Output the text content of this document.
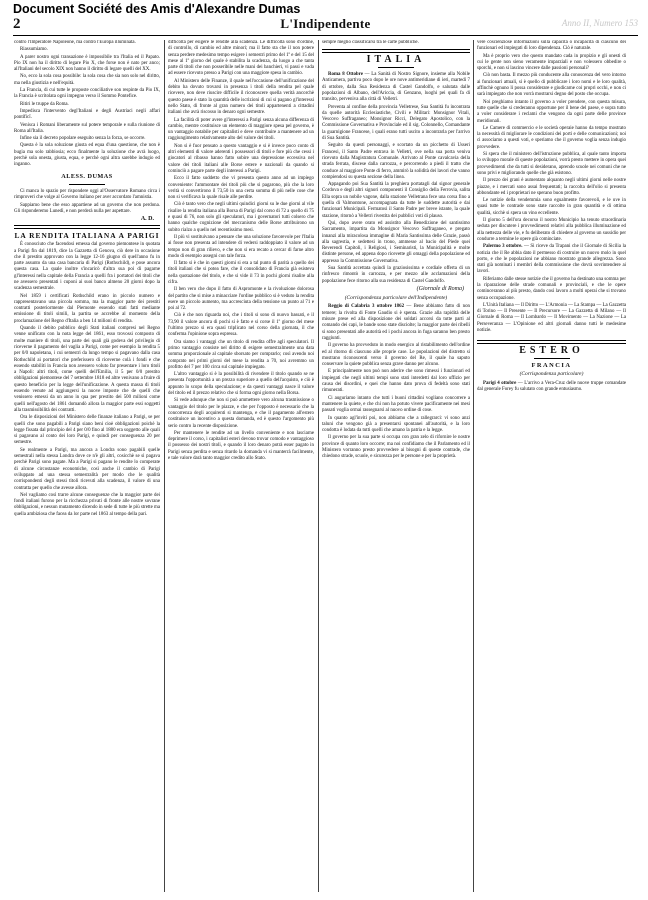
Document Société des Amis d'Alexandre Dumas
2	L'Indipendente	Anno II, Numero 153

contro l'Imperatore Napoleone, ma contro l'Europa illuminata.

Riassumiamo.

A parer nostro ogni transazione è impossibile tra l'Italia ed il Papato. Pio IX non ha il diritto di legare Pio X, che forse non è nato per anco; all'Italiani del secolo XIX non hanno il diritto di legare quelli del XX.

No, ecco la sola cosa possibile: la sola cosa che sia non solo nel diritto, ma nella giustizia e nell'equità.

La Francia, di cui tutte le proposte conciliative son respinte da Pio IX, la Francia è scritolata ogni impegno verso il Sommo Pontefice.

Ritiri le truppe da Roma.

Impedisca l'intervento degl'Italiani e degli Austriaci negli affari pontificî.

Venisca i Romani liberamente sul potere temporale e sulla riunione di Roma all'Italia.

Infine sia il decreto popolare eseguito senza la forza, se occorre.

Questa è la sola soluzione giusta ed equa d'una questione, che non è bugia ma solo rabbiosia; ecco finalmente la soluzione che avrà luogo, perchè sola onesta, giusta, equa, e perchè ogni altra sarebbe indugio ed inganno.

ALESS. DUMAS

Ci manca lo spazio per rispondere oggi al'Osservatore Romano circa i rimproveri che volge al Governo italiano per aver accordato l'amnistia.

Sappiamo bene che esso appartiene ad un governo che non perdona. Gli risponderemo Lunedì, e non perderà nulla per aspettare.

A. D.
LA RENDITA ITALIANA A PARIGI

È conosciuto che facendosi emessa dal governo piemontese in quotata a Parigi fin dal 1819, dice la Gazzetta di Genova, ciò dere in occasione che il prestito approvato con la legge 12-16 giugno di quell'anno fu in parte assunto da una casa bancaria di Parigi (Rothschild), e pose ancora questa casa. La quale inoltre s'incaricò d'altra sua poi di pagarne gl'interessi nella capitale della Francia a quelli fra i portatori dei titoli che ne avessero presentati i cuponi ai suoi banco almeno 20 giorni dopo la scadenza semestrale.

Nel 1859 i certificati Rothschild erano in piccolo numero e rappresentavano una piccola somma, ma la maggior parte dei prestiti contratti posteriormente dal Piemonte essendo stati fatti mediante emissione di titoli simili, la partita se accrebbe al momento della proclamazione del Regno d'Italia a ben 14 milioni di rendita.

Quando il debito pubblico degli Stati italiani compresi nel Regno venne unificato con la nota legge del 1861, esso trovossi composto di molte maniere di titoli, una parte dei quali già godeva del privilegio di riceverne il pagamento del vaglia a Parigi, come per esempio la rendita 5 per 0/0 napoletana, i cui semestri da lungo tempo si pagavano dalla casa Rothschild ai portatori che preferissero di riceverne colà i fondi e che essendo stabiliti in Francia non avessero voluto far presentare i loro titoli a Napoli: altri titoli, come quelli dell'Emilia, il 5 per 0/0 prestito obbligazioni piemontese del 7 settembre 1818 ed altre venivano a fruire di questo beneficio per la legge dell'unificazione. A questa massa di titoli essendo venute ad aggiungersi la nuove imposte che de quelli che venissero emessi da un anno in qua per prestito dei 500 milioni come quelli nell'agosto del 1861 domandò allora la maggior parte essi soggetti alla trasmissibilità dei contratti.

Ora le disposizioni del Ministero delle finanze italiano a Parigi, se per quelli che sono pagabili a Parigi siano beni cioè obbligazioni poichè la legge fissata dal principio del 4 per 0/0 fino al 1880 era soggetto alle quali si pagavano al conto dei loro Parigi, e quindi per conseguenza 20 per semestre.

Se realmente a Parigi, ma ancora a Londra sono pagabili quelle semestrali nella stessa Londra dove ce n'è gli altri, cosicchè se si pagava perchè Parigi sono pagate. Ma a Parigi si pagano le rendite lo comperate di alcune circostanze economiche, così anche il cambio di Parigi sviluppato ad una stessa semestralità per modo che le qualità corrispondenti degli stessi titoli ricevuti alla scadenza, il valore di una contratta per quello che avesse allora.

Nel vagliamo così trarre alcune conseguenze che la maggior parte dei fondi italiani furono per la ricchezza privati di fronte alle nostre sovrane obbligazioni, e nessun mutamento dicendo in sede di tutte le più strette ma quella ambiziosa che facea da lor parte nel 1863 al tempo della pari.

difficoltà per esigere le rendite alla scadenza. Le difficoltà sono d'ordine, di controllo, di cambio ed altre minori; ma il fatto sta che il non potere senza perdere medesimo tempo esigere i semestri primo del 1º e del 15 del mese al 1º giorno del quale è stabilita la scadenza, da luogo a che tanta parte di titoli che non posseribile nelle mani dei banchieri, vi passi e vada ad essere ricevuto presso a Parigi con una maggiore spesa in cambio.

Al Ministero delle Finanze, il quale nell'occasione dell'unificazione del debito ha dovuto trovarsi in presenza i titoli della rendita pel quale ricevere, non deve riuscire difficile il riconoscere quella verità ancorchè questo paese è stato la quantità delle iscrizioni di cui si pagano gl'interessi nello Stato, di fronte al gran numero dei titoli appartenenti a cittadini italiani che avrà riscosso in denaro ogni semestre.

La facilità di poter avere gl'interessi a Parigi senza alcuna differenza di cambio, mentre costituisce un elemento di maggiore spesa pel governo, è un vantaggio notabile per capitalisti e deve contribuire a mantenere ad un raggiungimento relativamente alto del valore dei titoli.

Non si è fuor pensato a questo vantaggio e si è invece poco conto di altri elementi di valore aderenti i possessori di titoli e fore più che cessi i giocatori al ribasso hanno fatto sobire una depressione eccessiva nel valore dei titoli italiani alle Borse estere e nazionali da quando si cominciò a pagare parte degli interessi a Parigi.

Ecco il fatto suddetto che vi presenta questo anno ad un impiego conveniente: l'ammontare dei titoli più che si pagarono, più che la loro verità si convertirono il 73,50 in una certa somma di più nelle cose che non si verificava la quale risale alle perdite.

Ciò è tanto vero che negli ultimi quindici giorni su le due giorni al vile risalire la rendita italiana alla Borsa di Parigi dal corso di 72 a quello di 75 e quasi di 76, non solo gli speculatori, ma i governatori tutti colsero che hanno qualche cognizione del meccanismo delle Borse attribuirono un subito rialzo a quello nel recentissimo mesi.

Il più vi sostituivano a pensare che una soluzione favorevole per l'Italia ai fosse non presenta ad intendere di vedersi raddoppiato il valore ad un tempo non di gran rilievo, e che non si era recato a cercar di farne altro modo di esempio assegni con tale forza.

Il fatto si è che in questi giorni si era a tal punto di parità a quello dei titoli italiani che si potea fare, che il consolidato di Francia già esisteva nella quotazione del titolo, e che si vide il 73 in pochi giorni risalire alla cifra.

Il ben vero che dopo il fatto di Aspromonte e la rivoluzione dolorosa del partito che si mise a minacciare l'ordine pubblico si è veduto la rendita esere un piccolo aumento, ma accresciuta della tensione un punto al 71 e poi al 72.

Ciò è che non riguarda noi, che i titoli si sono di nuovo bassati, e il 73,90 il valore ancora di pochi si è fatto e si corse il 1º giorno del mese l'ultimo prezzo si era quasi triplicato nel corso della giornata, il che conferma l'opinione sopra espressa.

Ora siamo i vantaggi che un titolo di rendita offre agli speculatori. Il primo vantaggio consiste nel diritto di esigere semestralmente una data somma proporzionale al capitale sborsato per comprarlo; così avendo noi comprato nei primi giorni del mese la rendita a 70, noi avremmo un profitto del 7 per 100 circa sul capitale impiegato.

L'altro vantaggio si è la possibilità di rivendere il titolo quando se ne presenta l'opportunità a un prezzo superiore a quello dell'acquisto, e ciò è appunto lo scopo della speculazione; e da questi vantaggi nasce il valore del titolo ed il prezzo relativo che si forma ogni giorno nella Borsa.

Si vede adunque che non si può ammettere vero alcuna trasmissione o vantaggio del titolo per le piazze, e che per l'opposto è necessario che la concorrenza degli acquirenti si mantenga, e che il pagamento all'estero costituisce un incentivo a questa domanda, ed è questo l'argomento più serio contro la recente disposizione.

Per mantenere le rendite ad un livello conveniente e non lasciarne deprimere il corso, i capitalisti esteri devono trovar comodo e vantaggioso il possesso dei nostri titoli, e quando il loro denaro potrà esser pagato in Parigi senza perdita e senza ritardo la domanda vi si manterrà facilmente, e tale valore darà tanto maggior credito allo Stato.

sempre meglio classificarsi tra le carte pubbliche.

ITALIA

Roma 8 Ottobre — La Sanità di Nostro Signore, insieme alla Nobile Anticamera, partiva poco dopo le ore nove antimeridiane di ieri, martedì 7 di ottobre, dalla Sua Residenza di Castel Gandolfo, e salutata dalle popolazioni di Albano, dell'Ariccia, di Genzano, luoghi pei quali fa di transito, perveniva alla città di Velletri.

Preventa al confine della provincia Velletrese, Sua Santità fu incontrata da quelle autorità Ecclesiastiche, Civili e Militari: Monsignor Vitali, Vescovo Suffraganeo; Monsignor Ricci, Delegato Apostolico, con la Commissione Governativa e Provinciale ed il sig. Colonnello, Comandante la guarnigione Francese, i quali erano tutti uscito a incontrarla per l'arrivo di Sua Santità.

Seguito da questi personaggi, e scortato da un picchetto di Usseri Francesi, il Santo Padre entrava in Velletri, ove nella sua porta veniva ricevuto dalla Magistratura Comunale. Arrivato al Ponte cavalcavia della strada ferrata, discese dalla carrozza, e percorrendo a piedi il tratto che conduce al maggiore Ponte di ferro, ammirò la solidità dei lavori che vanno compiendosi su questa sezione della linea.

Appagando poi Sua Santità la preghiera portatagli dal signor generale Cordova e degli altri signori componenti il Consiglio della Ferrovia, salita Ella sopra un nobile vagone, dalla stazione Velletrana fece una corsa fino a quella di Valmontone, accompagnata da tutte le suddette autorità e dai funzionari Municipali. Fermatosi il Santo Padre per breve istante, la quale stazione, ritornò a Velletri rivestita dei pubblici voti di plauso.

Qui, dopo avere orato ed assistito alla Benedizione del santissimo Sacramento, impartita da Monsignor Vescovo Suffraganeo, e pregato innanzi alla miracolosa immagine di Maria Santissima delle Grazie, passò alla sagrestia, e sedettesi in trono, ammesse al bacio del Piede quei Reverendi Capitoli, i Religiosi, i Seminaristi, la Municipalità e molte distinte persone, ed appena dopo ricevette gli omaggi della popolazione ed appresso la Commissione Governativa.

Sua Santità accettata quindi la graziosissima e cordiale offerta di un rinfresco rimontò in carrozza, e per mezzo alle acclamazioni della popolazione fece ritorno alla sua residenza di Castel Gandolfo.

(Giornale di Roma)
(Corrispondenza particolare dell'Indipendente)

Reggio di Calabria 3 ottobre 1862 — Bene abbiamo fatto di non temere; la rivolta di Fonte Gaudio si è spenta. Grazie alla rapidità delle misure prese ed alla disposizione dei soldati accorsi da tutte parti al comando dei capi, le bande sono state disciolte; la maggior parte dei ribelli si sono presentati alle autorità ed i pochi ancora in fuga saranno ben presto raggiunti.

Il governo ha provveduto in modo energico al ristabilimento dell'ordine ed al ritorno di ciascuno alle proprie case. Le popolazioni del distretto si mostrano riconoscenti verso il governo del Re, il quale ha saputo conservare la quiete pubblica senza grave danno per alcuno.

E principalmente non può non aderire che sono rimessi i funzionari ed impiegati che negli ultimi tempi sono stati interdetti dal loro uffizio per causa dei disordini, e quei che hanno dato prova di fedeltà sono stati rimunerati.

Ci auguriamo intanto che tutti i buoni cittadini vogliano concorrere a mantenere la quiete, e che chi non ha potuto vivere pacificamente nei mesi passati voglia ormai rassegnarsi al nuovo ordine di cose.

In quanto agl'inviti poi, non abbiamo che a rallegrarci: vi sono anzi taluni che vengono già a presentarsi spontanei all'autorità, e la loro condotta è lodata da tutti quelli che amano la patria e la legge.

Il governo per la sua parte si occupa con gran zelo di rifornire le nostre province di quanto loro occorre; ma noi confidiamo che il Parlamento ed il Ministero vorranno presto provvedere ai bisogni di queste contrade, che chiedono strade, scuole, e sicurezza per le persone e per la proprietà.

vere coscienziose informazioni sulla capacità o incapacità di ciascuno dei funzionari ed impiegati di loro dipendenza. Ciò è naturale.

Ma è proprio vero che questo mandato cada in propizio e gli onesti di cui le gente non sieno veramente imparziali e non volessero obbedire o sporchi, e non si lascino vincere dalle passioni personali?

Ciò non basta. Il mezzo più conducente alla conoscenza del vero intorno ai funzionari attuali, si è quello di pubblicare i loro nomi e le loro qualità, affinchè ognuno li possa considerare e giudicarne coi propri occhi, e non ci sarà impiegato che non vorrà mostrarsi degno del posto che occupa.

Noi preghiamo intanto il governo a voler prendere, con questa misura, tutte quelle che si crederanno opportune per il bene del paese, e sopra tutto a voler considerare i reclami che vengono da ogni parte delle province meridionali.

Le Camere di commercio e le società operaie hanno da tempo mostrato la necessità di migliorare le condizioni dei porti e delle comunicazioni; noi ci associamo a questi voti, e speriamo che il governo voglia senza indugio provvedere.

Si spera che il ministero dell'istruzione pubblica, al quale tanto importa lo sviluppo morale di queste popolazioni, vorrà presto mettere in opera quei provvedimenti che da tutti si desiderano, aprendo scuole nei comuni che ne sono privi e migliorando quelle che già esistono.

Il prezzo dei grani è aumentato alquanto negli ultimi giorni nelle nostre piazze, e i mercati sono assai frequentati; la raccolta dell'olio si presenta abbondante ed i proprietari ne sperano buon profitto.

Le notizie della vendemmia sono egualmente favorevoli, e le uve in quasi tutte le contrade sono state raccolte in gran quantità e di ottima qualità, sicchè si spera un vino eccellente.

Il giorno 5 dell'ora decorso il nostro Municipio ha tenuto straordinaria seduta per discutere i provvedimenti relativi alla pubblica illuminazione ed alla nettezza delle vie, e fu deliberato di chiedere al governo un sussidio per condurre a termine le opere già cominciate.

Palermo 3 ottobre. — Si riceve da Trapani che il Giornale di Sicilia la notizia che il Re abbia dato il permesso di costruire un nuovo molo in quel porto, e che le popolazioni ne abbiano mostrato grande allegrezza. Sono stati già nominati i membri della commissione che dovrà sovrintendere ai lavori.

Riferiamo dalle stesse notizie che il governo ha destinato una somma per la riparazione delle strade comunali e provinciali, e che le opere cominceranno al più presto, dando così lavoro a molti operai che si trovano senza occupazione.

L'Unità Italiana — Il Diritto — L'Armonia — La Stampa — La Gazzetta di Torino — Il Presente — Il Precursore — La Gazzetta di Milano — Il Giornale di Roma — Il Lombardo — Il Movimento — La Nazione — La Perseveranza — L'Opinione ed altri giornali danno tutti le medesime notizie.

ESTERO
FRANCIA
(Corrispondenza particolare)

Parigi 4 ottobre — L'arrivo a Vera-Cruz delle nuove truppe comandate dal generale Forey fu salutato con grande entusiasmo.
